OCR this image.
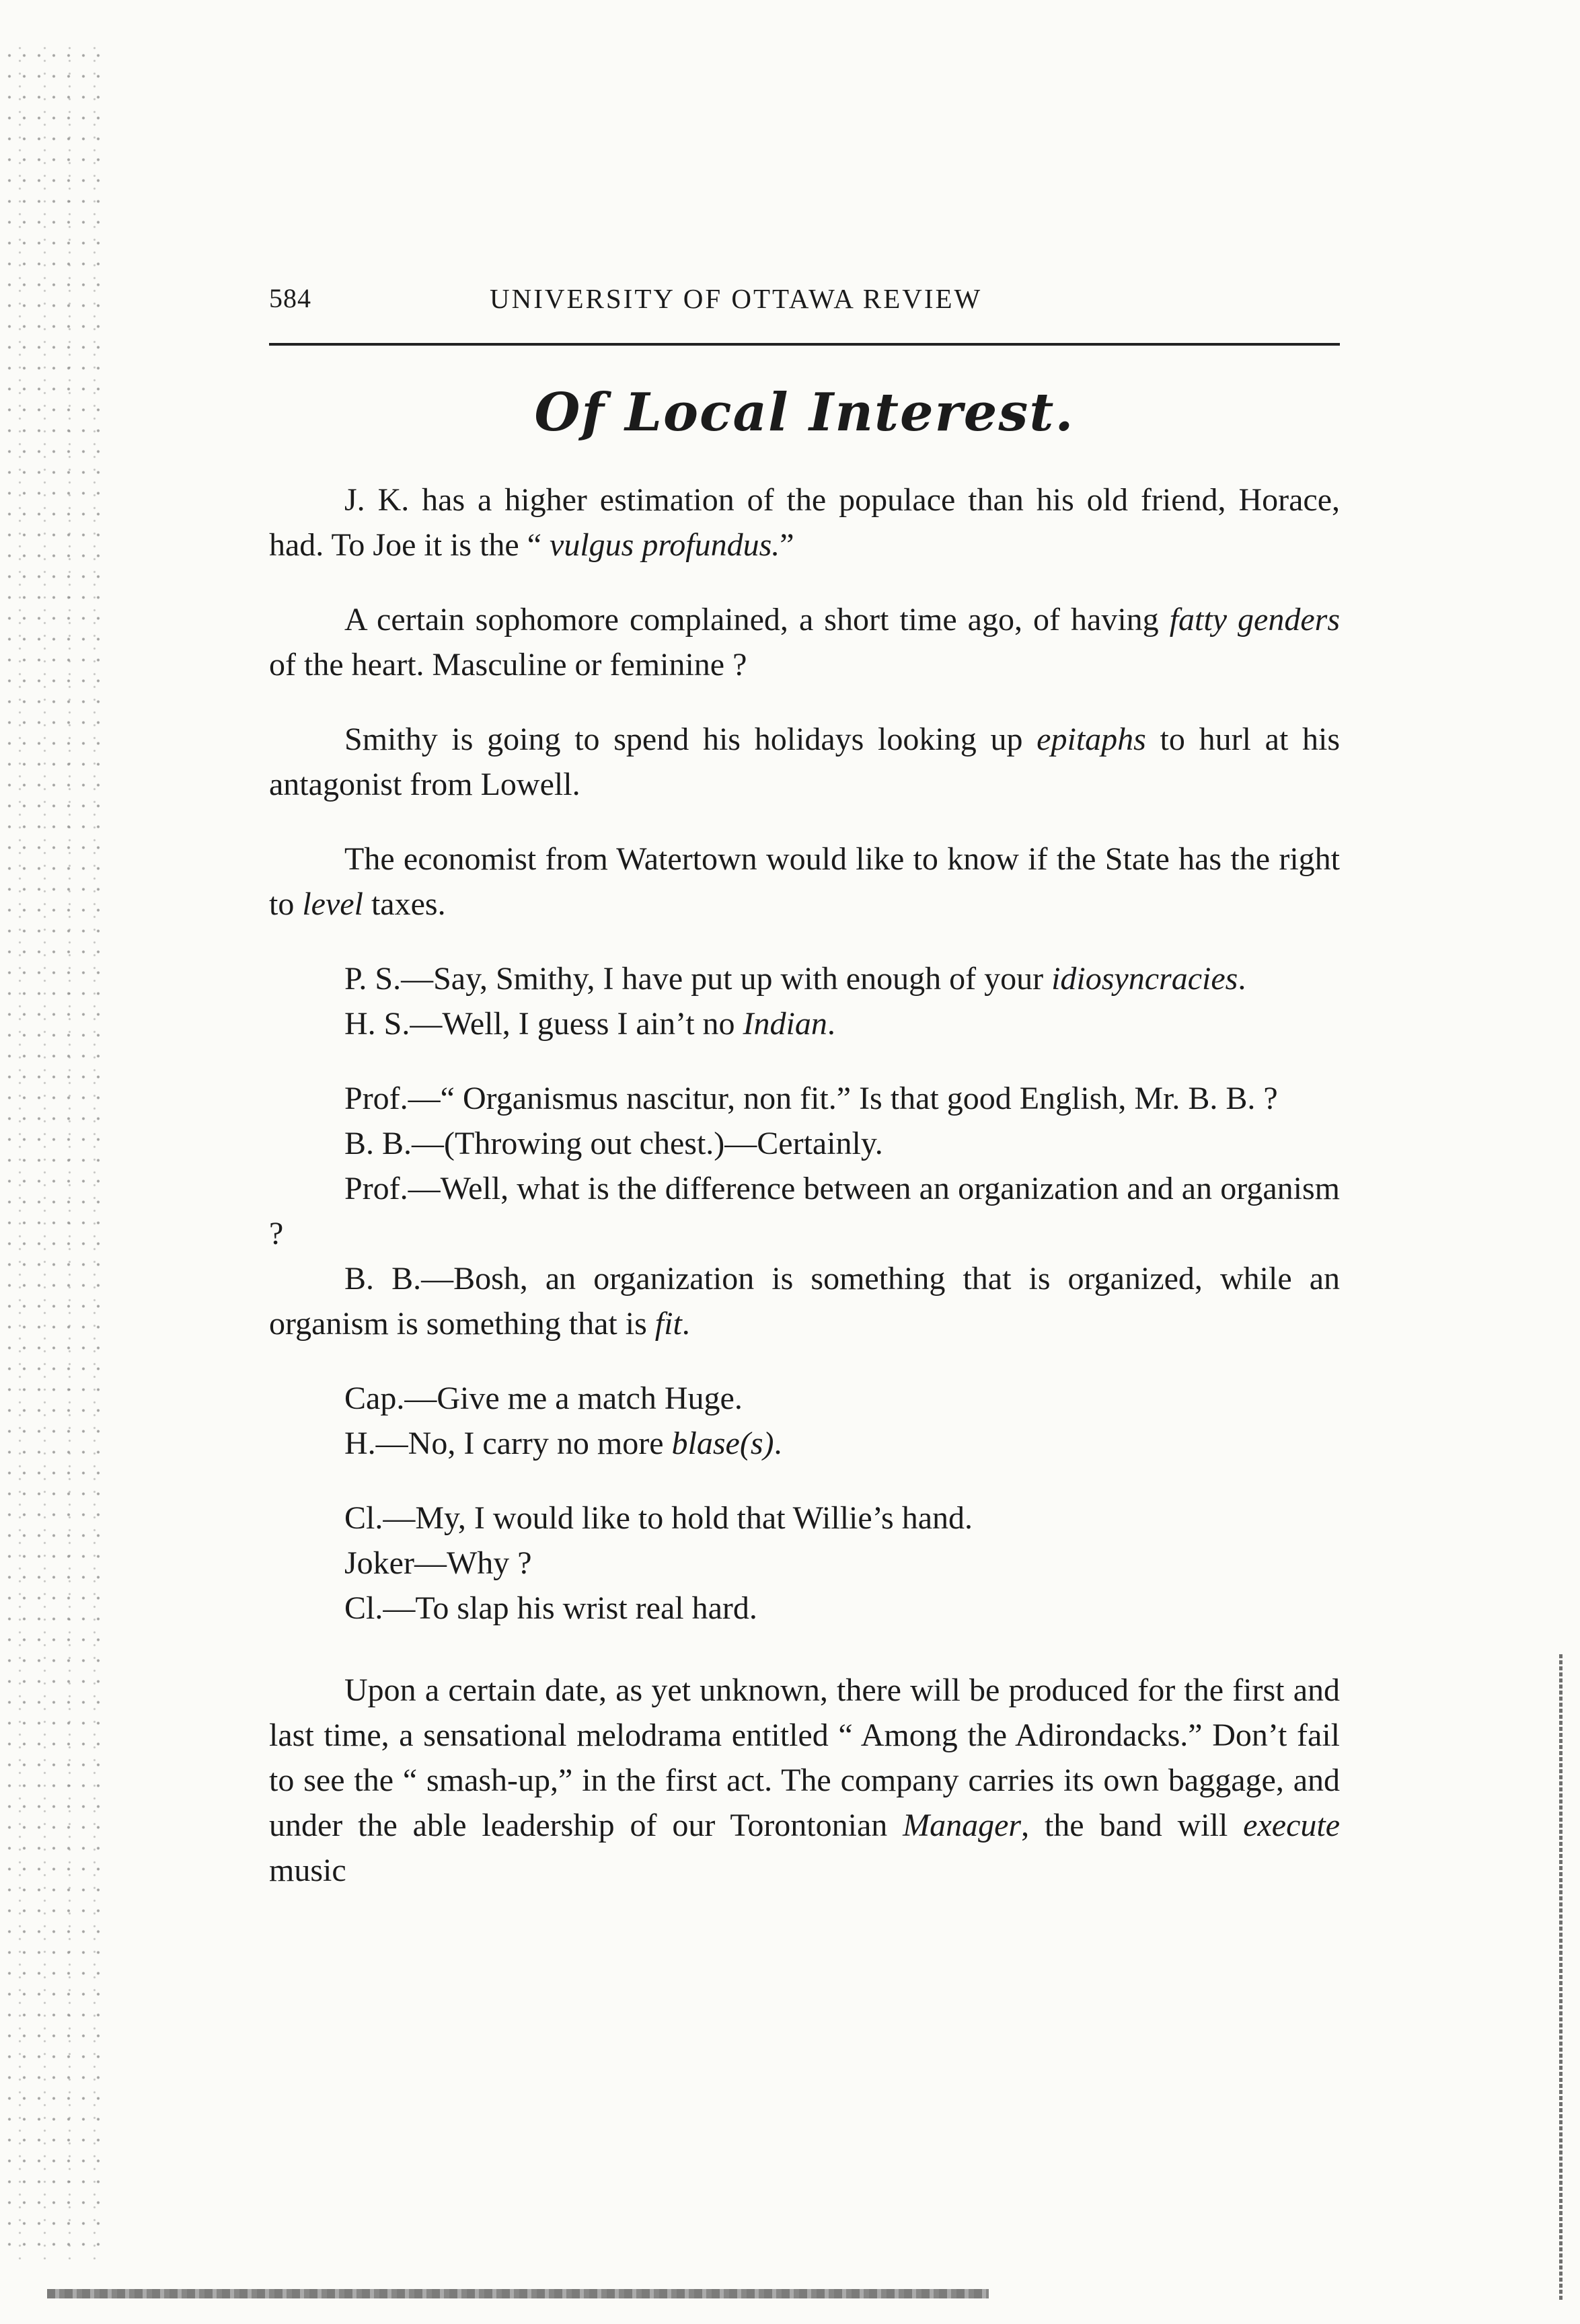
584	UNIVERSITY OF OTTAWA REVIEW
Of Local Interest.

J. K. has a higher estimation of the populace than his old friend, Horace, had. To Joe it is the “ vulgus profundus.”

A certain sophomore complained, a short time ago, of having fatty genders of the heart. Masculine or feminine ?

Smithy is going to spend his holidays looking up epitaphs to hurl at his antagonist from Lowell.

The economist from Watertown would like to know if the State has the right to level taxes.

P. S.—Say, Smithy, I have put up with enough of your idiosyncracies.

H. S.—Well, I guess I ain’t no Indian.

Prof.—“ Organismus nascitur, non fit.” Is that good English, Mr. B. B. ?

B. B.—(Throwing out chest.)—Certainly.

Prof.—Well, what is the difference between an organization and an organism ?

B. B.—Bosh, an organization is something that is organized, while an organism is something that is fit.

Cap.—Give me a match Huge.

H.—No, I carry no more blase(s).

Cl.—My, I would like to hold that Willie’s hand.

Joker—Why ?

Cl.—To slap his wrist real hard.

Upon a certain date, as yet unknown, there will be produced for the first and last time, a sensational melodrama entitled “ Among the Adirondacks.” Don’t fail to see the “ smash-up,” in the first act. The company carries its own baggage, and under the able leadership of our Torontonian Manager, the band will execute music
